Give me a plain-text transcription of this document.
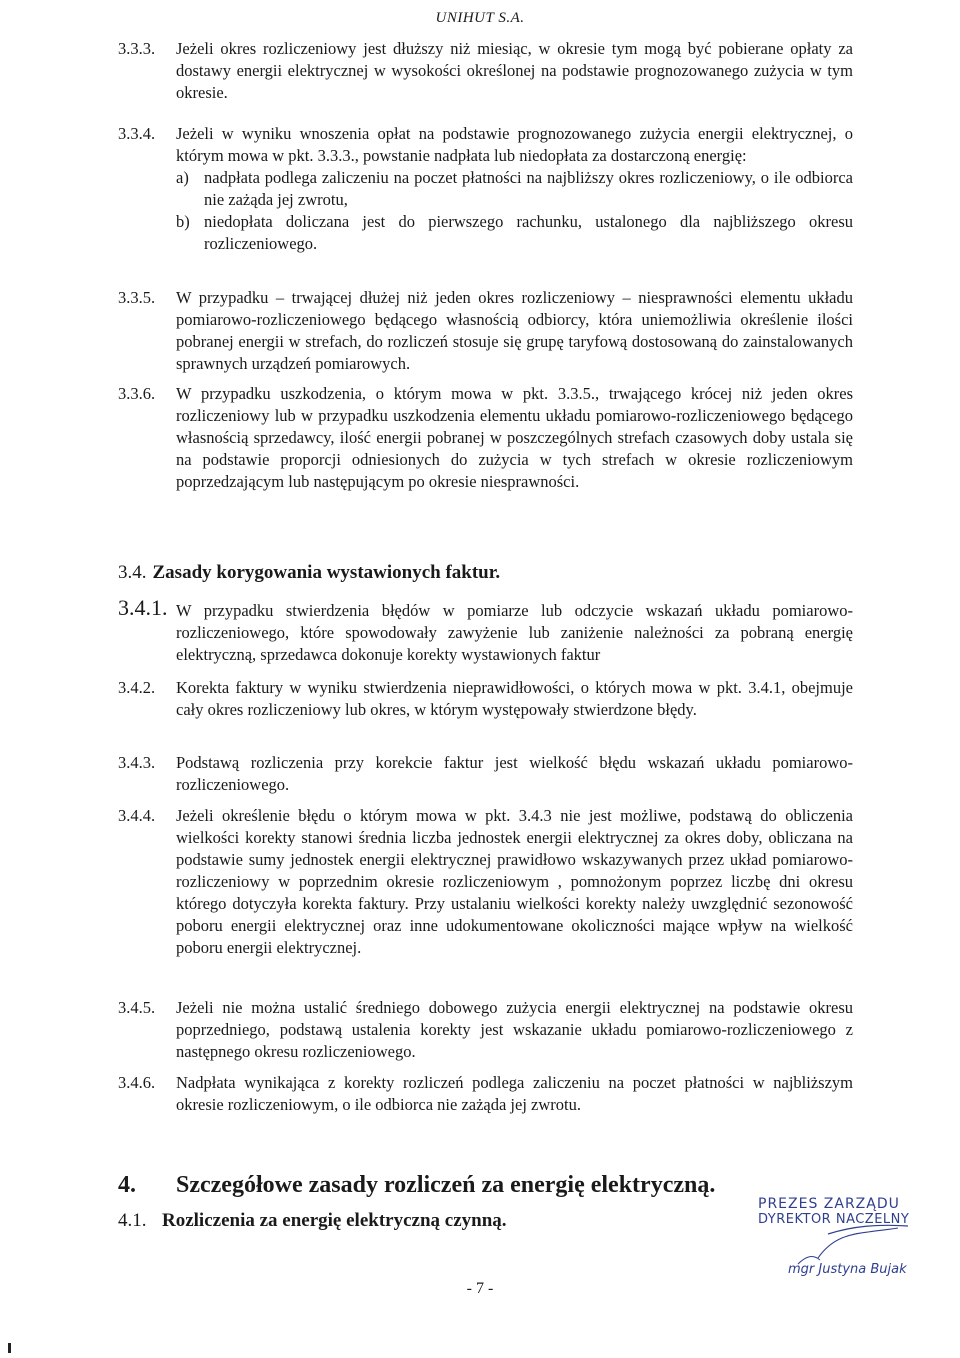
UNIHUT S.A.
3.3.3.	Jeżeli okres rozliczeniowy jest dłuższy niż miesiąc, w okresie tym mogą być pobierane opłaty za dostawy energii elektrycznej w wysokości określonej na podstawie prognozowanego zużycia w tym okresie.

3.3.4.	Jeżeli w wyniku wnoszenia opłat na podstawie prognozowanego zużycia energii elektrycznej, o którym mowa w pkt. 3.3.3., powstanie nadpłata lub niedopłata za dostarczoną energię:

a) nadpłata podlega zaliczeniu na poczet płatności na najbliższy okres rozliczeniowy, o ile odbiorca nie zażąda jej zwrotu,
b) niedopłata doliczana jest do pierwszego rachunku, ustalonego dla najbliższego okresu rozliczeniowego.
3.3.5.	W przypadku – trwającej dłużej niż jeden okres rozliczeniowy – niesprawności elementu układu pomiarowo-rozliczeniowego będącego własnością odbiorcy, która uniemożliwia określenie ilości pobranej energii w strefach, do rozliczeń stosuje się grupę taryfową dostosowaną do zainstalowanych sprawnych urządzeń pomiarowych.

3.3.6.	W przypadku uszkodzenia, o którym mowa w pkt. 3.3.5., trwającego krócej niż jeden okres rozliczeniowy lub w przypadku uszkodzenia elementu układu pomiarowo-rozliczeniowego będącego własnością sprzedawcy, ilość energii pobranej w poszczególnych strefach czasowych doby ustala się na podstawie proporcji odniesionych do zużycia w tych strefach w okresie rozliczeniowym poprzedzającym lub następującym po okresie niesprawności.

3.4. Zasady korygowania wystawionych faktur.
3.4.1. W przypadku stwierdzenia błędów w pomiarze lub odczycie wskazań układu pomiarowo-rozliczeniowego, które spowodowały zawyżenie lub zaniżenie należności za pobraną energię elektryczną, sprzedawca dokonuje korekty wystawionych faktur

3.4.2.	Korekta faktury w wyniku stwierdzenia nieprawidłowości, o których mowa w pkt. 3.4.1, obejmuje cały okres rozliczeniowy lub okres, w którym występowały stwierdzone błędy.

3.4.3.	Podstawą rozliczenia przy korekcie faktur jest wielkość błędu wskazań układu pomiarowo-rozliczeniowego.

3.4.4.	Jeżeli określenie błędu o którym mowa w pkt. 3.4.3 nie jest możliwe, podstawą do obliczenia wielkości korekty stanowi średnia liczba jednostek energii elektrycznej za okres doby, obliczana na podstawie sumy jednostek energii elektrycznej prawidłowo wskazywanych przez układ pomiarowo- rozliczeniowy w poprzednim okresie rozliczeniowym , pomnożonym poprzez liczbę dni okresu którego dotyczyła korekta faktury. Przy ustalaniu wielkości korekty należy uwzględnić sezonowość poboru energii elektrycznej oraz inne udokumentowane okoliczności mające wpływ na wielkość poboru energii elektrycznej.

3.4.5.	Jeżeli nie można ustalić średniego dobowego zużycia energii elektrycznej na podstawie okresu poprzedniego, podstawą ustalenia korekty jest wskazanie układu pomiarowo-rozliczeniowego z następnego okresu rozliczeniowego.

3.4.6.	Nadpłata wynikająca z korekty rozliczeń podlega zaliczeniu na poczet płatności w najbliższym okresie rozliczeniowym, o ile odbiorca nie zażąda jej zwrotu.

4. Szczegółowe zasady rozliczeń za energię elektryczną.
4.1. Rozliczenia za energię elektryczną czynną.
PREZES ZARZĄDU
DYREKTOR NACZELNY
mgr Justyna Bujak
- 7 -
